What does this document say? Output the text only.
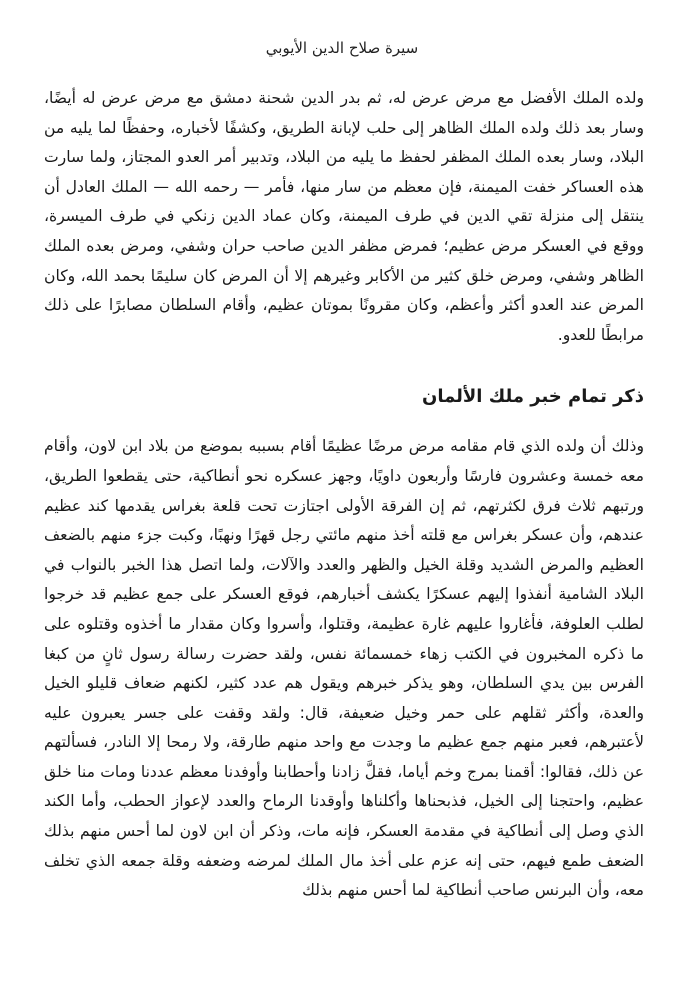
سيرة صلاح الدين الأيوبي

ولده الملك الأفضل مع مرض عرض له، ثم بدر الدين شحنة دمشق مع مرض عرض له أيضًا، وسار بعد ذلك ولده الملك الظاهر إلى حلب لإبانة الطريق، وكشفًا لأخباره، وحفظًا لما يليه من البلاد، وسار بعده الملك المظفر لحفظ ما يليه من البلاد، وتدبير أمر العدو المجتاز، ولما سارت هذه العساكر خفت الميمنة، فإن معظم من سار منها، فأمر — رحمه الله — الملك العادل أن ينتقل إلى منزلة تقي الدين في طرف الميمنة، وكان عماد الدين زنكي في طرف الميسرة، ووقع في العسكر مرض عظيم؛ فمرض مظفر الدين صاحب حران وشفي، ومرض بعده الملك الظاهر وشفي، ومرض خلق كثير من الأكابر وغيرهم إلا أن المرض كان سليمًا بحمد الله، وكان المرض عند العدو أكثر وأعظم، وكان مقرونًا بموتان عظيم، وأقام السلطان مصابرًا على ذلك مرابطًا للعدو.

ذكر تمام خبر ملك الألمان

وذلك أن ولده الذي قام مقامه مرض مرضًا عظيمًا أقام بسببه بموضع من بلاد ابن لاون، وأقام معه خمسة وعشرون فارسًا وأربعون داويًا، وجهز عسكره نحو أنطاكية، حتى يقطعوا الطريق، ورتبهم ثلاث فرق لكثرتهم، ثم إن الفرقة الأولى اجتازت تحت قلعة بغراس يقدمها كند عظيم عندهم، وأن عسكر بغراس مع قلته أخذ منهم مائتي رجل قهرًا ونهبًا، وكبت جزء منهم بالضعف العظيم والمرض الشديد وقلة الخيل والظهر والعدد والآلات، ولما اتصل هذا الخبر بالنواب في البلاد الشامية أنفذوا إليهم عسكرًا يكشف أخبارهم، فوقع العسكر على جمع عظيم قد خرجوا لطلب العلوفة، فأغاروا عليهم غارة عظيمة، وقتلوا، وأسروا وكان مقدار ما أخذوه وقتلوه على ما ذكره المخبرون في الكتب زهاء خمسمائة نفس، ولقد حضرت رسالة رسول ثانٍ من كبغا الفرس بين يدي السلطان، وهو يذكر خبرهم ويقول هم عدد كثير، لكنهم ضعاف قليلو الخيل والعدة، وأكثر ثقلهم على حمر وخيل ضعيفة، قال: ولقد وقفت على جسر يعبرون عليه لأعتبرهم، فعبر منهم جمع عظيم ما وجدت مع واحد منهم طارقة، ولا رمحا إلا النادر، فسألتهم عن ذلك، فقالوا: أقمنا بمرج وخم أياما، فقلَّ زادنا وأحطابنا وأوفدنا معظم عددنا ومات منا خلق عظيم، واحتجنا إلى الخيل، فذبحناها وأكلناها وأوقدنا الرماح والعدد لإعواز الحطب، وأما الكند الذي وصل إلى أنطاكية في مقدمة العسكر، فإنه مات، وذكر أن ابن لاون لما أحس منهم بذلك الضعف طمع فيهم، حتى إنه عزم على أخذ مال الملك لمرضه وضعفه وقلة جمعه الذي تخلف معه، وأن البرنس صاحب أنطاكية لما أحس منهم بذلك
